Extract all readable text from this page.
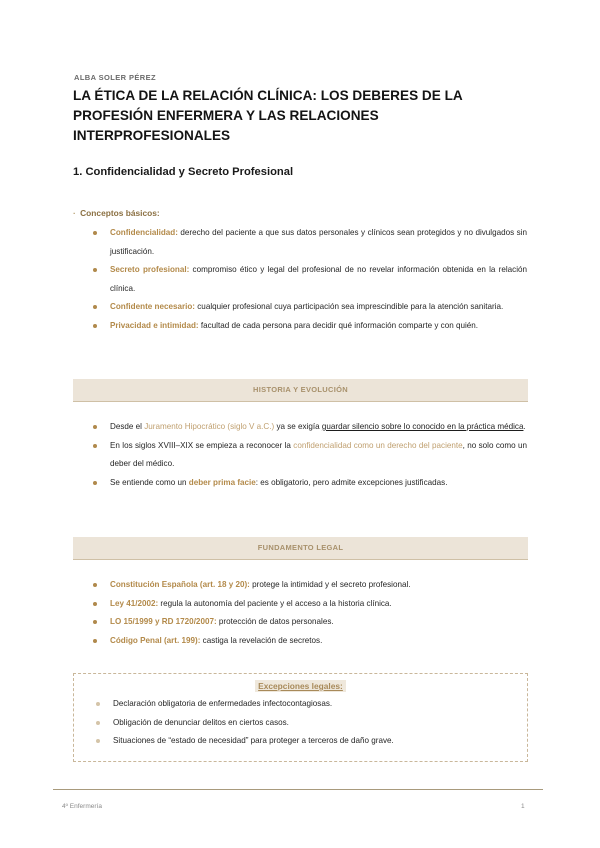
ALBA SOLER PÉREZ
LA ÉTICA DE LA RELACIÓN CLÍNICA: LOS DEBERES DE LA PROFESIÓN ENFERMERA Y LAS RELACIONES INTERPROFESIONALES
1. Confidencialidad y Secreto Profesional
· Conceptos básicos:
Confidencialidad: derecho del paciente a que sus datos personales y clínicos sean protegidos y no divulgados sin justificación.
Secreto profesional: compromiso ético y legal del profesional de no revelar información obtenida en la relación clínica.
Confidente necesario: cualquier profesional cuya participación sea imprescindible para la atención sanitaria.
Privacidad e intimidad: facultad de cada persona para decidir qué información comparte y con quién.
HISTORIA Y EVOLUCIÓN
Desde el Juramento Hipocrático (siglo V a.C.) ya se exigía guardar silencio sobre lo conocido en la práctica médica.
En los siglos XVIII–XIX se empieza a reconocer la confidencialidad como un derecho del paciente, no solo como un deber del médico.
Se entiende como un deber prima facie: es obligatorio, pero admite excepciones justificadas.
FUNDAMENTO LEGAL
Constitución Española (art. 18 y 20): protege la intimidad y el secreto profesional.
Ley 41/2002: regula la autonomía del paciente y el acceso a la historia clínica.
LO 15/1999 y RD 1720/2007: protección de datos personales.
Código Penal (art. 199): castiga la revelación de secretos.
Excepciones legales:
Declaración obligatoria de enfermedades infectocontagiosas.
Obligación de denunciar delitos en ciertos casos.
Situaciones de “estado de necesidad” para proteger a terceros de daño grave.
4º Enfermería	1
